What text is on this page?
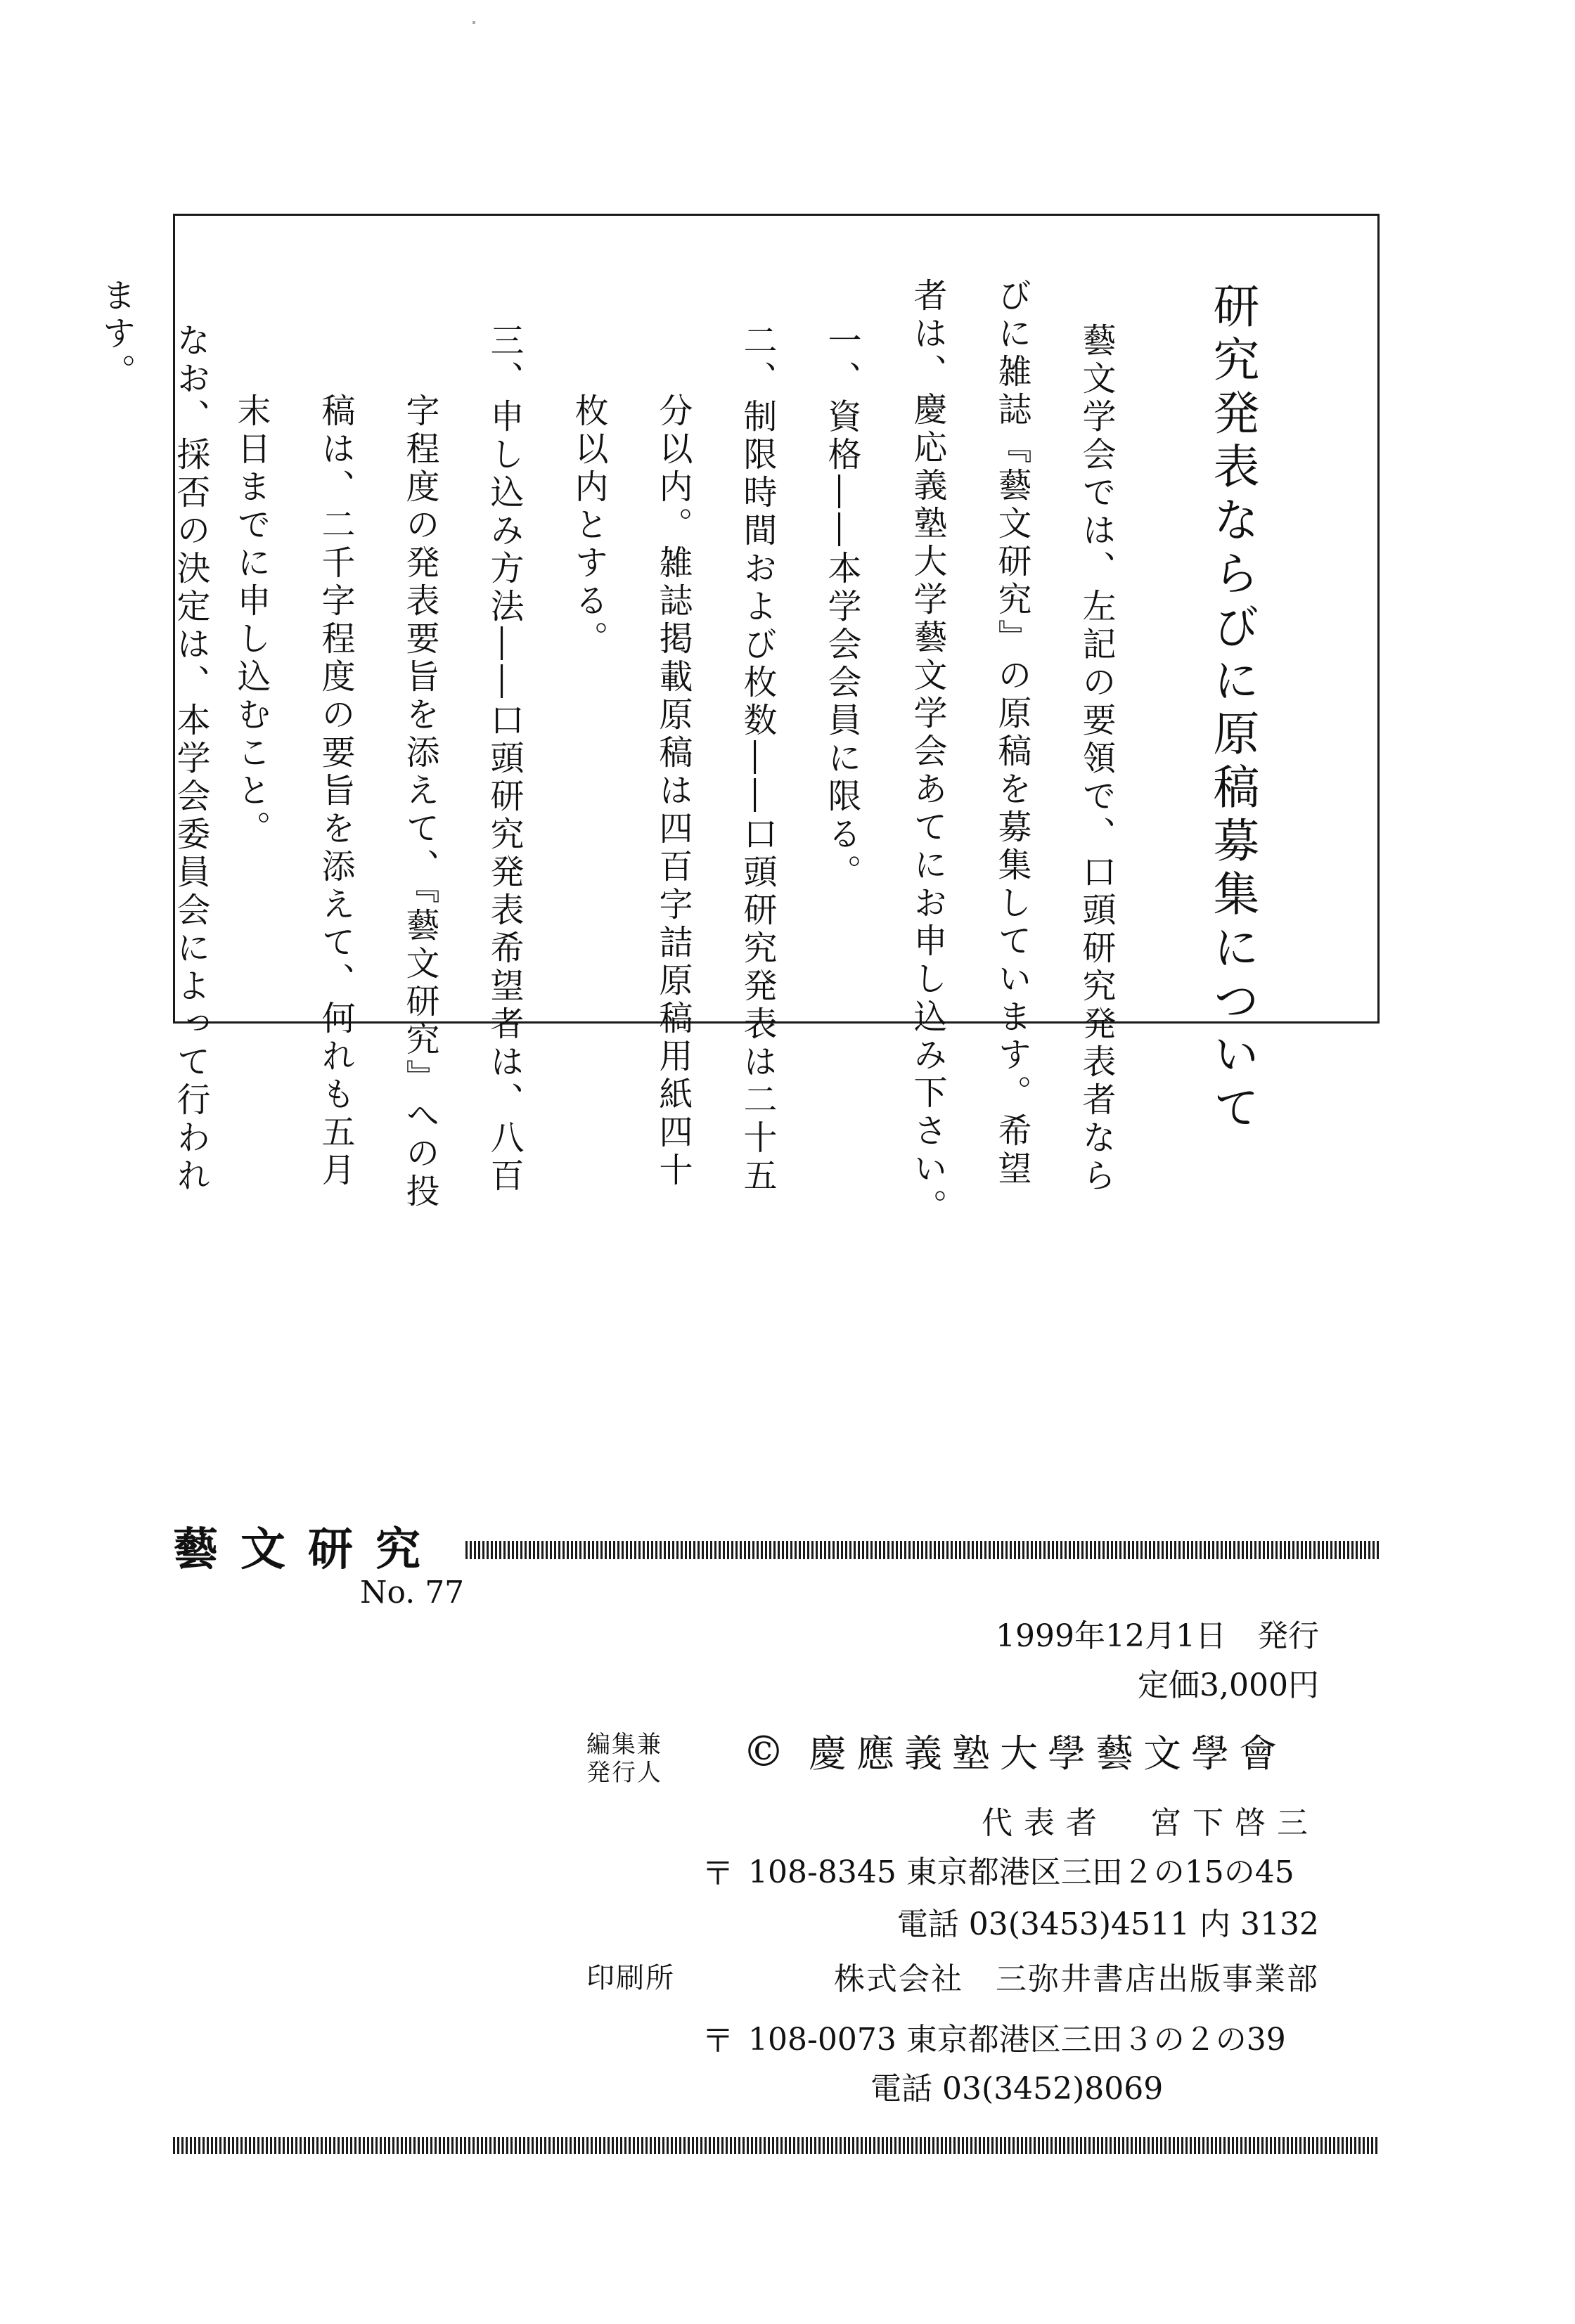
研究発表ならびに原稿募集について
藝文学会では、左記の要領で、口頭研究発表者なら
びに雑誌『藝文研究』の原稿を募集しています。希望
者は、慶応義塾大学藝文学会あてにお申し込み下さい。
一、資格――本学会会員に限る。
二、制限時間および枚数――口頭研究発表は二十五
分以内。雑誌掲載原稿は四百字詰原稿用紙四十
枚以内とする。
三、申し込み方法――口頭研究発表希望者は、八百
字程度の発表要旨を添えて、『藝文研究』への投
稿は、二千字程度の要旨を添えて、何れも五月
末日までに申し込むこと。
なお、採否の決定は、本学会委員会によって行われ
ます。
藝文研究
No. 77
1999年12月1日　発行
定価3,000円
編集兼
発行人 © 慶應義塾大學藝文學會
代表者　宮下啓三
〒 108-8345 東京都港区三田２の15の45
電話 03(3453)4511 内 3132
印刷所	株式会社　三弥井書店出版事業部
〒 108-0073 東京都港区三田３の２の39
電話 03(3452)8069
